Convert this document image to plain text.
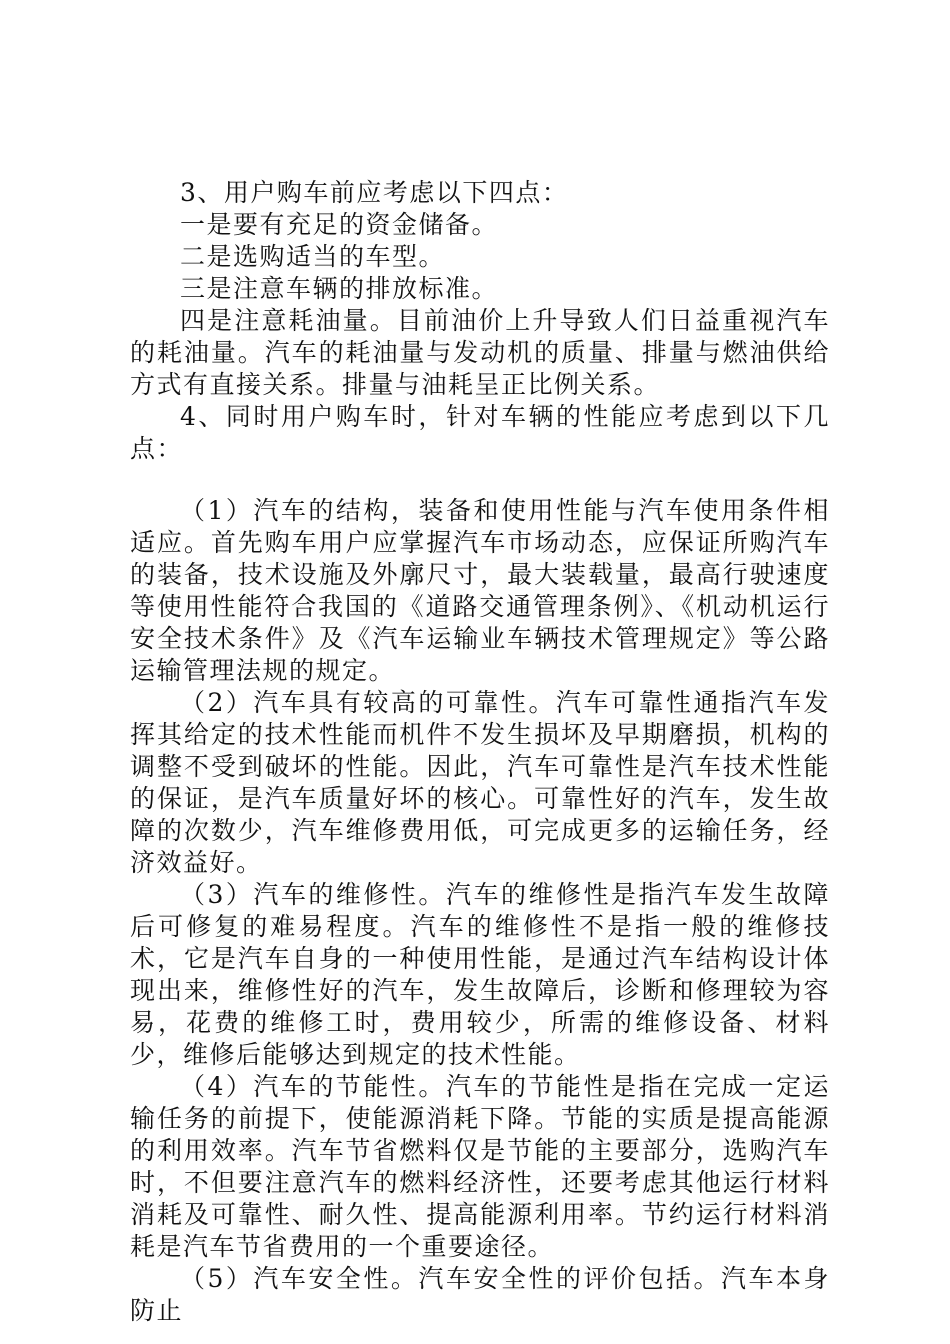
3、用户购车前应考虑以下四点：

一是要有充足的资金储备。

二是选购适当的车型。

三是注意车辆的排放标准。

四是注意耗油量。目前油价上升导致人们日益重视汽车的耗油量。汽车的耗油量与发动机的质量、排量与燃油供给方式有直接关系。排量与油耗呈正比例关系。

4、同时用户购车时，针对车辆的性能应考虑到以下几点：

（1）汽车的结构，装备和使用性能与汽车使用条件相适应。首先购车用户应掌握汽车市场动态，应保证所购汽车的装备，技术设施及外廓尺寸，最大装载量，最高行驶速度等使用性能符合我国的《道路交通管理条例》、《机动机运行安全技术条件》及《汽车运输业车辆技术管理规定》等公路运输管理法规的规定。

（2）汽车具有较高的可靠性。汽车可靠性通指汽车发挥其给定的技术性能而机件不发生损坏及早期磨损，机构的调整不受到破坏的性能。因此，汽车可靠性是汽车技术性能的保证，是汽车质量好坏的核心。可靠性好的汽车，发生故障的次数少，汽车维修费用低，可完成更多的运输任务，经济效益好。

（3）汽车的维修性。汽车的维修性是指汽车发生故障后可修复的难易程度。汽车的维修性不是指一般的维修技术，它是汽车自身的一种使用性能，是通过汽车结构设计体现出来，维修性好的汽车，发生故障后，诊断和修理较为容易，花费的维修工时，费用较少，所需的维修设备、材料少，维修后能够达到规定的技术性能。

（4）汽车的节能性。汽车的节能性是指在完成一定运输任务的前提下，使能源消耗下降。节能的实质是提高能源的利用效率。汽车节省燃料仅是节能的主要部分，选购汽车时，不但要注意汽车的燃料经济性，还要考虑其他运行材料消耗及可靠性、耐久性、提高能源利用率。节约运行材料消耗是汽车节省费用的一个重要途径。

（5）汽车安全性。汽车安全性的评价包括。汽车本身防止
